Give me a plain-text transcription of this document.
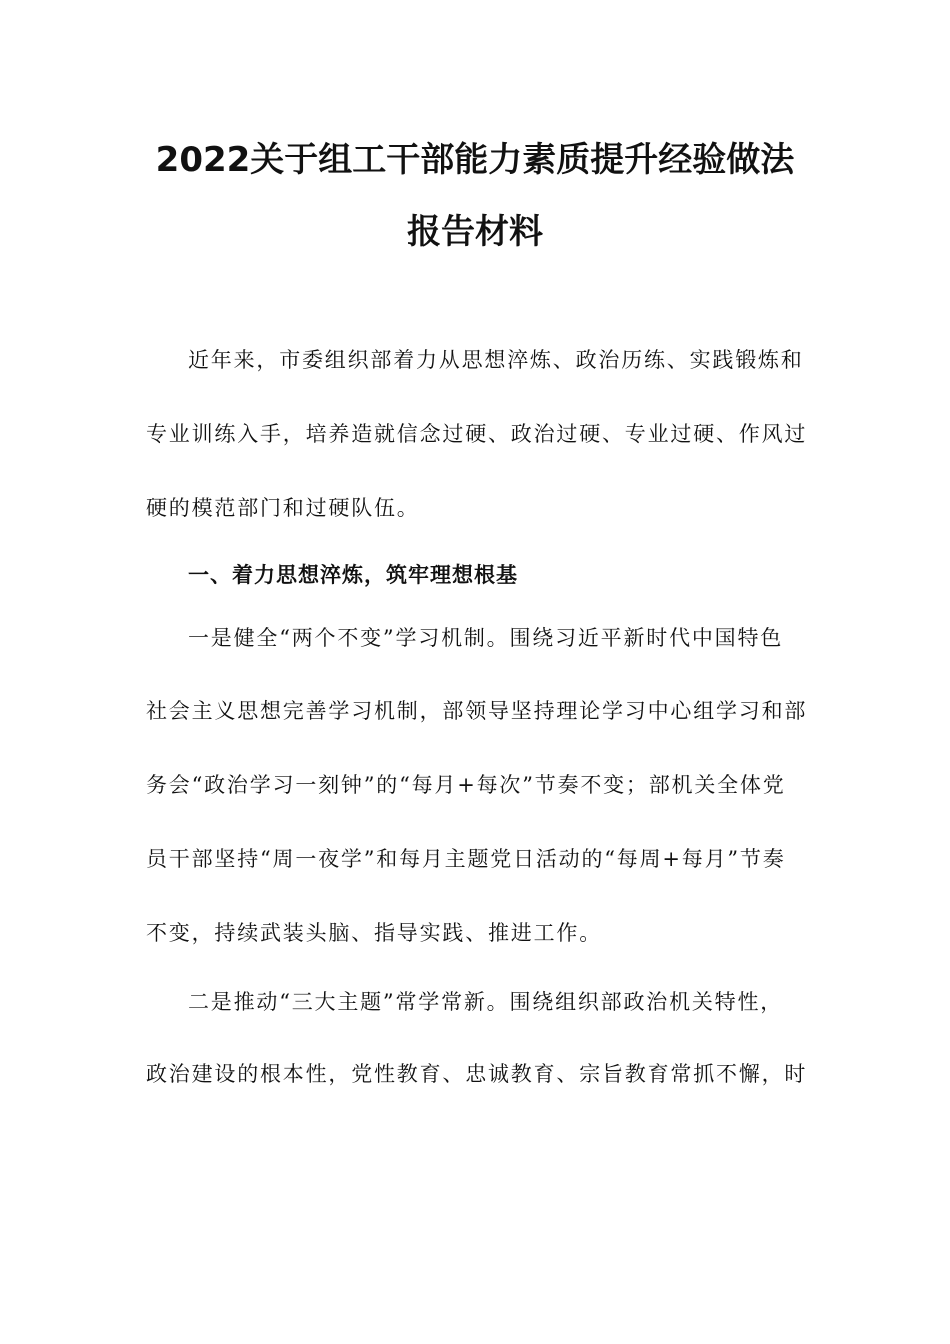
2022关于组工干部能力素质提升经验做法
报告材料
近年来，市委组织部着力从思想淬炼、政治历练、实践锻炼和
专业训练入手，培养造就信念过硬、政治过硬、专业过硬、作风过
硬的模范部门和过硬队伍。
一、着力思想淬炼，筑牢理想根基
一是健全“两个不变”学习机制。围绕习近平新时代中国特色
社会主义思想完善学习机制，部领导坚持理论学习中心组学习和部
务会“政治学习一刻钟”的“每月+每次”节奏不变；部机关全体党
员干部坚持“周一夜学”和每月主题党日活动的“每周+每月”节奏
不变，持续武装头脑、指导实践、推进工作。
二是推动“三大主题”常学常新。围绕组织部政治机关特性，
政治建设的根本性，党性教育、忠诚教育、宗旨教育常抓不懈，时
